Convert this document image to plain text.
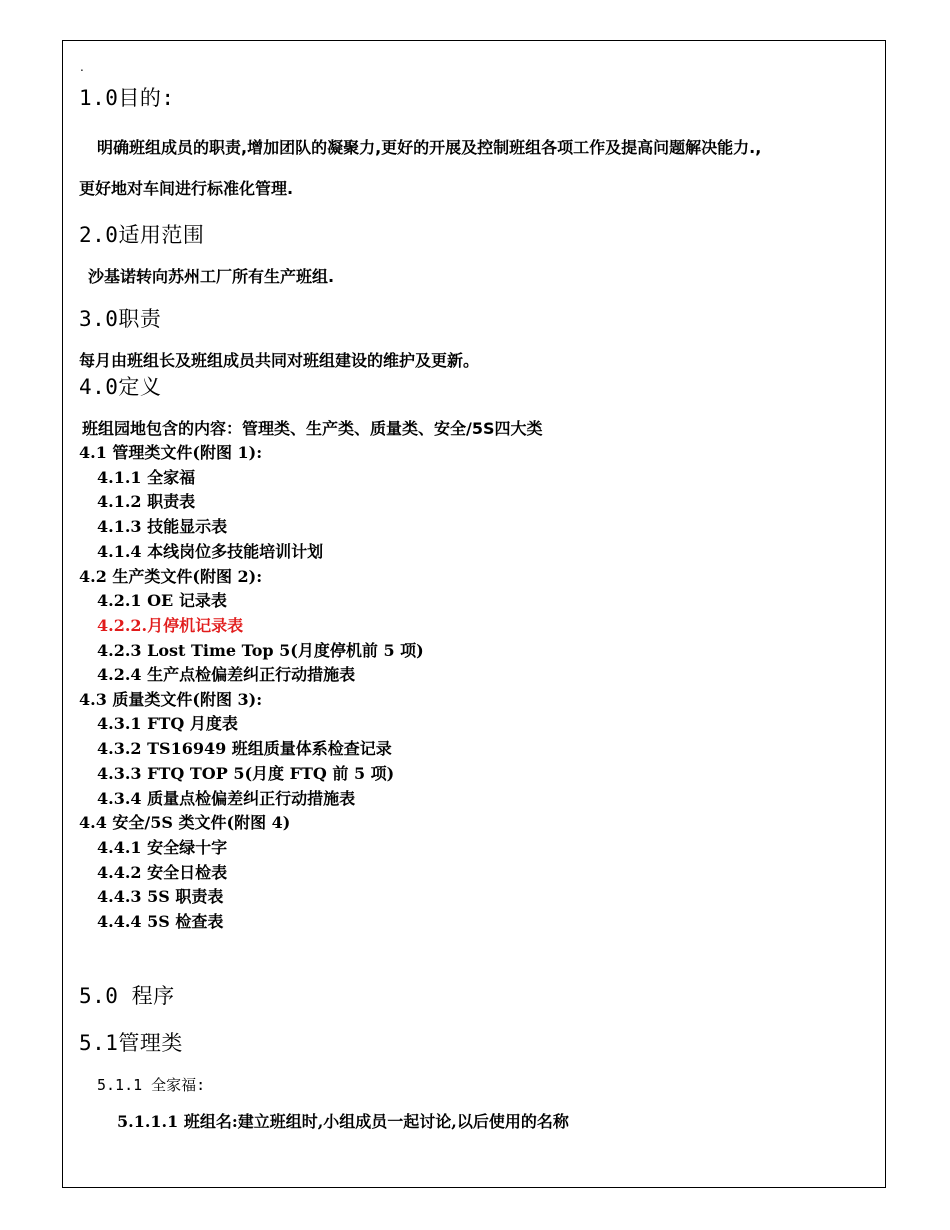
.
1.0目的:
明确班组成员的职责,增加团队的凝聚力,更好的开展及控制班组各项工作及提高问题解决能力.,
更好地对车间进行标准化管理.
2.0适用范围
沙基诺转向苏州工厂所有生产班组.
3.0职责
每月由班组长及班组成员共同对班组建设的维护及更新。
4.0定义
班组园地包含的内容：管理类、生产类、质量类、安全/5S四大类
4.1 管理类文件(附图 1):
4.1.1 全家福
4.1.2 职责表
4.1.3 技能显示表
4.1.4 本线岗位多技能培训计划
4.2 生产类文件(附图 2):
4.2.1 OE 记录表
4.2.2.月停机记录表
4.2.3 Lost Time Top 5(月度停机前 5 项)
4.2.4 生产点检偏差纠正行动措施表
4.3 质量类文件(附图 3):
4.3.1 FTQ 月度表
4.3.2 TS16949 班组质量体系检查记录
4.3.3 FTQ TOP 5(月度 FTQ 前 5 项)
4.3.4 质量点检偏差纠正行动措施表
4.4 安全/5S 类文件(附图 4)
4.4.1 安全绿十字
4.4.2 安全日检表
4.4.3 5S 职责表
4.4.4 5S 检查表
5.0 程序
5.1管理类
5.1.1 全家福:
5.1.1.1 班组名:建立班组时,小组成员一起讨论,以后使用的名称
